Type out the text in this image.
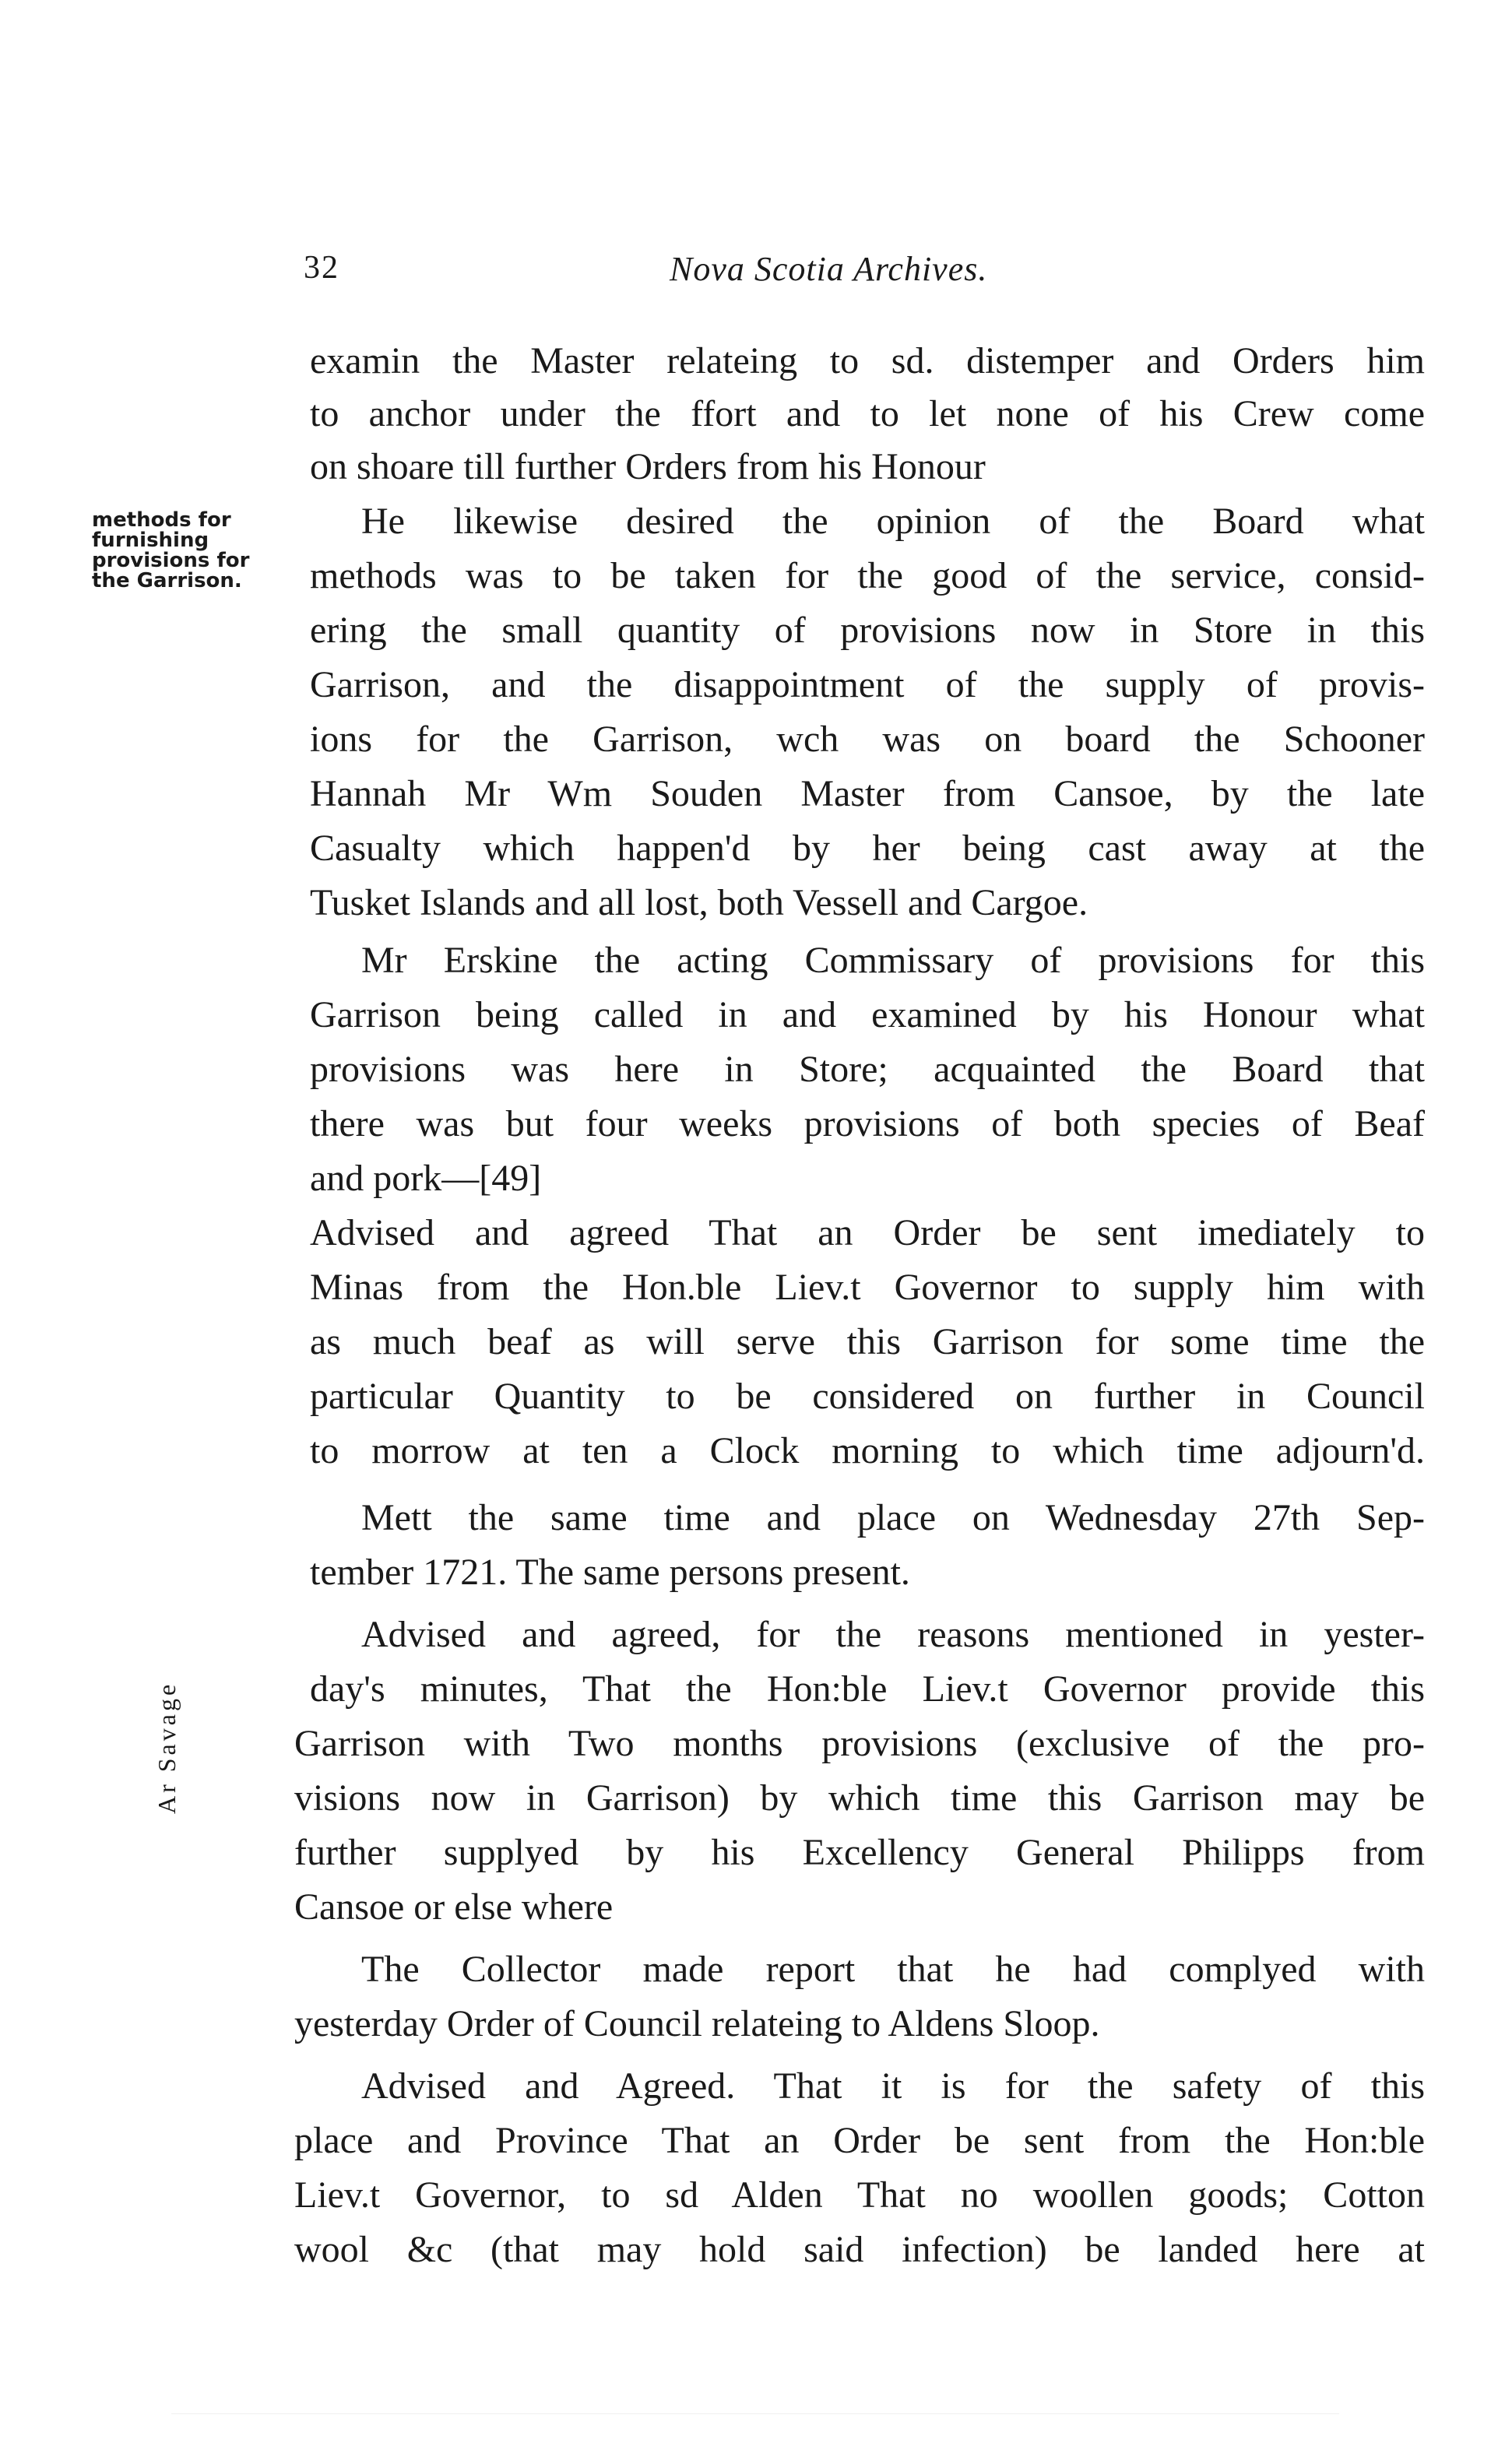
32	Nova Scotia Archives.
methods for furnishing provisions for the Garrison.
Ar Savage
examin the Master relateing to sd. distemper and Orders him
to anchor under the ffort and to let none of his Crew come
on shoare till further Orders from his Honour
He likewise desired the opinion of the Board what
methods was to be taken for the good of the service, consid-
ering the small quantity of provisions now in Store in this
Garrison, and the disappointment of the supply of provis-
ions for the Garrison, wch was on board the Schooner
Hannah Mr Wm Souden Master from Cansoe, by the late
Casualty which happen'd by her being cast away at the
Tusket Islands and all lost, both Vessell and Cargoe.
Mr Erskine the acting Commissary of provisions for this
Garrison being called in and examined by his Honour what
provisions was here in Store; acquainted the Board that
there was but four weeks provisions of both species of Beaf
and pork—[49]
Advised and agreed That an Order be sent imediately to
Minas from the Hon.ble Liev.t Governor to supply him with
as much beaf as will serve this Garrison for some time the
particular Quantity to be considered on further in Council
to morrow at ten a Clock morning to which time adjourn'd.
Mett the same time and place on Wednesday 27th Sep-
tember 1721. The same persons present.
Advised and agreed, for the reasons mentioned in yester-
day's minutes, That the Hon:ble Liev.t Governor provide this
Garrison with Two months provisions (exclusive of the pro-
visions now in Garrison) by which time this Garrison may be
further supplyed by his Excellency General Philipps from
Cansoe or else where
The Collector made report that he had complyed with
yesterday Order of Council relateing to Aldens Sloop.
Advised and Agreed. That it is for the safety of this
place and Province That an Order be sent from the Hon:ble
Liev.t Governor, to sd Alden That no woollen goods; Cotton
wool &c (that may hold said infection) be landed here at
